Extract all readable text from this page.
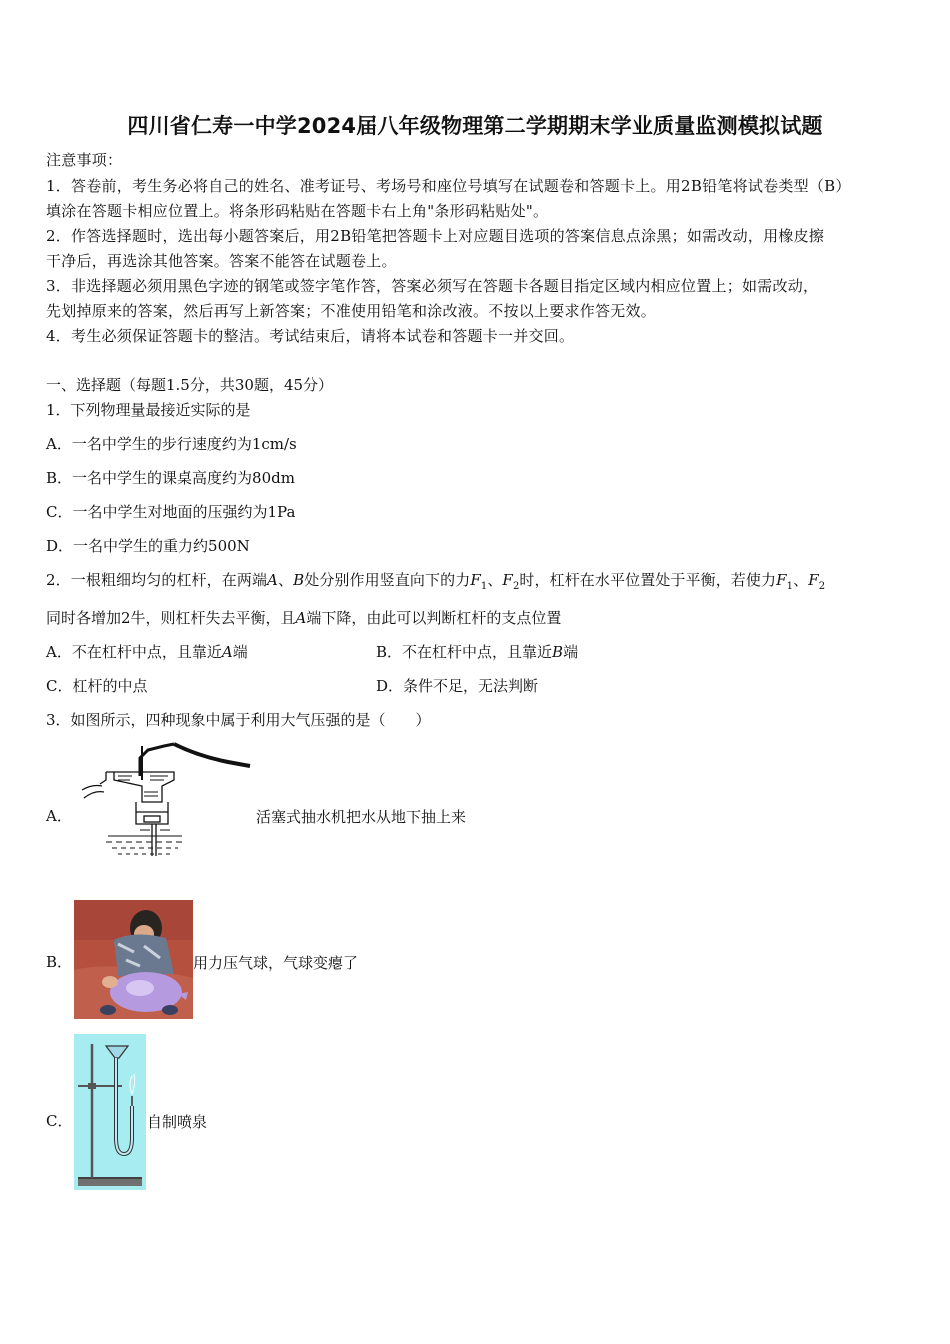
四川省仁寿一中学2024届八年级物理第二学期期末学业质量监测模拟试题
注意事项：
1．答卷前，考生务必将自己的姓名、准考证号、考场号和座位号填写在试题卷和答题卡上。用2B铅笔将试卷类型（B）
填涂在答题卡相应位置上。将条形码粘贴在答题卡右上角"条形码粘贴处"。
2．作答选择题时，选出每小题答案后，用2B铅笔把答题卡上对应题目选项的答案信息点涂黑；如需改动，用橡皮擦
干净后，再选涂其他答案。答案不能答在试题卷上。
3．非选择题必须用黑色字迹的钢笔或签字笔作答，答案必须写在答题卡各题目指定区域内相应位置上；如需改动，
先划掉原来的答案，然后再写上新答案；不准使用铅笔和涂改液。不按以上要求作答无效。
4．考生必须保证答题卡的整洁。考试结束后，请将本试卷和答题卡一并交回。
一、选择题（每题1.5分，共30题，45分）
1．下列物理量最接近实际的是
A．一名中学生的步行速度约为1cm/s
B．一名中学生的课桌高度约为80dm
C．一名中学生对地面的压强约为1Pa
D．一名中学生的重力约500N
2．一根粗细均匀的杠杆，在两端A、B处分别作用竖直向下的力$F_1$、$F_2$时，杠杆在水平位置处于平衡，若使力$F_1$、$F_2$
同时各增加2牛，则杠杆失去平衡，且A端下降，由此可以判断杠杆的支点位置
A．不在杠杆中点，且靠近A端	B．不在杠杆中点，且靠近B端
C．杠杆的中点	D．条件不足，无法判断
3．如图所示，四种现象中属于利用大气压强的是（　　）
A．	活塞式抽水机把水从地下抽上来
B．	用力压气球，气球变瘪了
C．	自制喷泉
